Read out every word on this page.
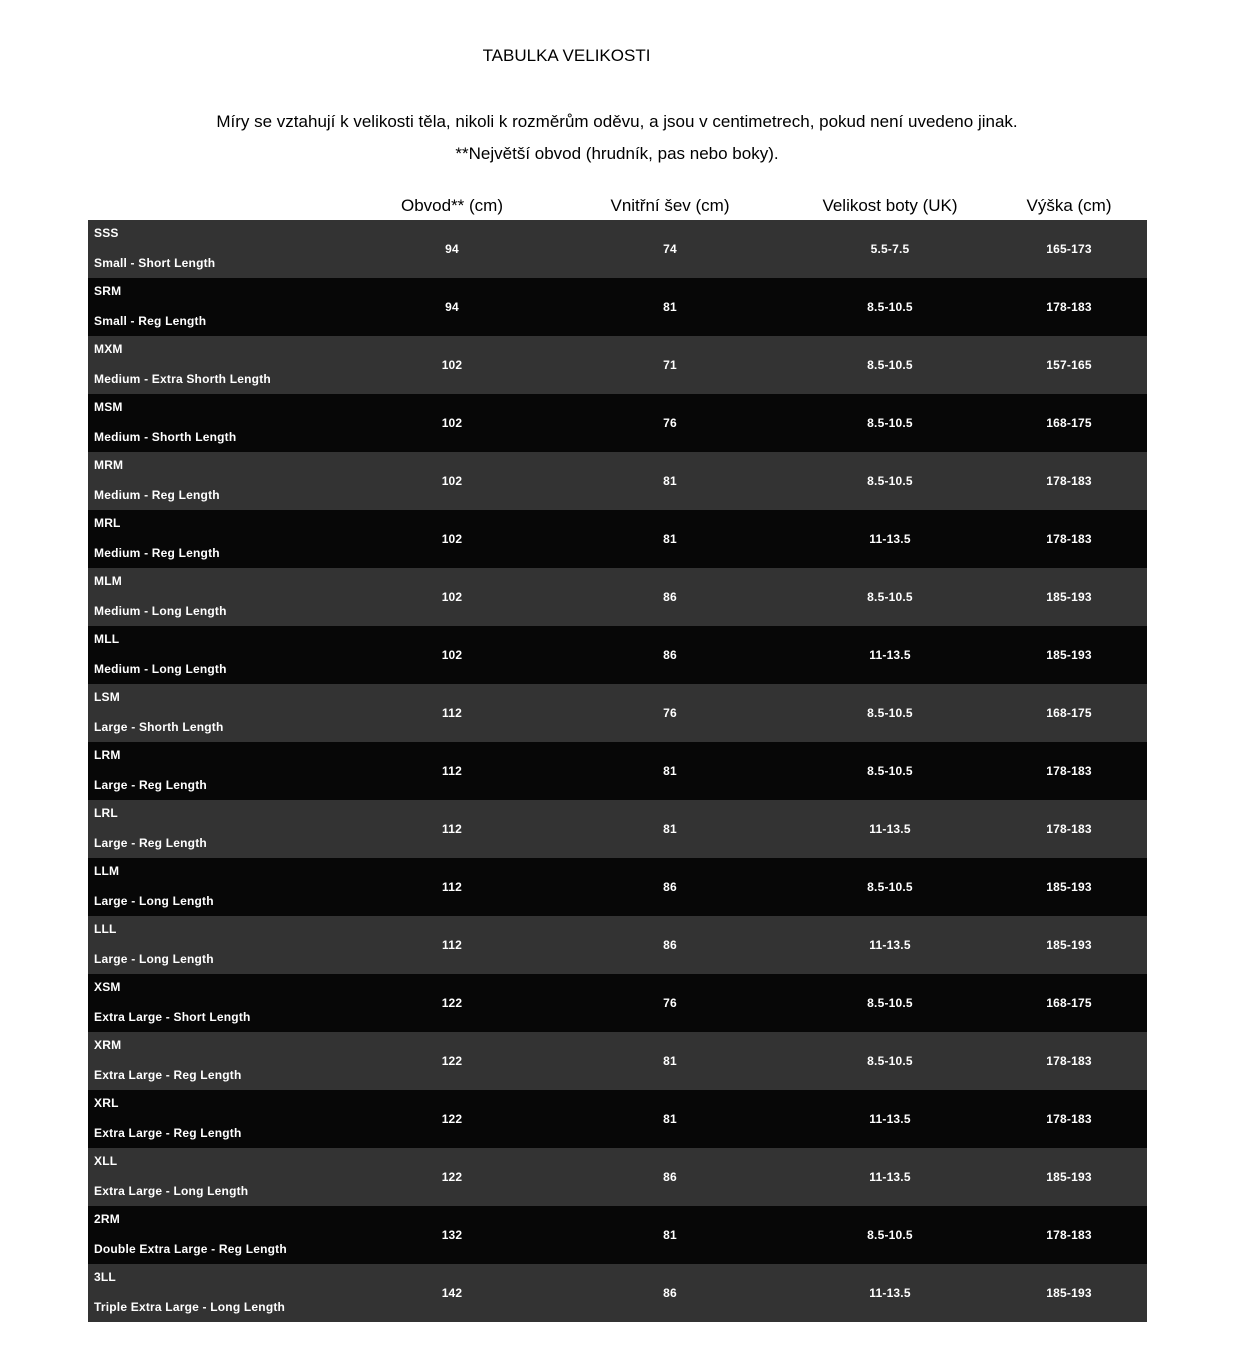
TABULKA VELIKOSTI
Míry se vztahují k velikosti těla, nikoli k rozměrům oděvu, a jsou v centimetrech, pokud není uvedeno jinak.
**Největší obvod (hrudník, pas nebo boky).
Obvod** (cm)	Vnitřní šev (cm)	Velikost boty (UK)	Výška (cm)
SSS
Small - Short Length
94	74	5.5-7.5	165-173
SRM
Small - Reg Length
94	81	8.5-10.5	178-183
MXM
Medium - Extra Shorth Length
102	71	8.5-10.5	157-165
MSM
Medium - Shorth Length
102	76	8.5-10.5	168-175
MRM
Medium - Reg Length
102	81	8.5-10.5	178-183
MRL
Medium - Reg Length
102	81	11-13.5	178-183
MLM
Medium - Long Length
102	86	8.5-10.5	185-193
MLL
Medium - Long Length
102	86	11-13.5	185-193
LSM
Large - Shorth Length
112	76	8.5-10.5	168-175
LRM
Large - Reg Length
112	81	8.5-10.5	178-183
LRL
Large - Reg Length
112	81	11-13.5	178-183
LLM
Large - Long Length
112	86	8.5-10.5	185-193
LLL
Large - Long Length
112	86	11-13.5	185-193
XSM
Extra Large - Short Length
122	76	8.5-10.5	168-175
XRM
Extra Large - Reg Length
122	81	8.5-10.5	178-183
XRL
Extra Large - Reg Length
122	81	11-13.5	178-183
XLL
Extra Large - Long Length
122	86	11-13.5	185-193
2RM
Double Extra Large - Reg Length
132	81	8.5-10.5	178-183
3LL
Triple Extra Large - Long Length
142	86	11-13.5	185-193
